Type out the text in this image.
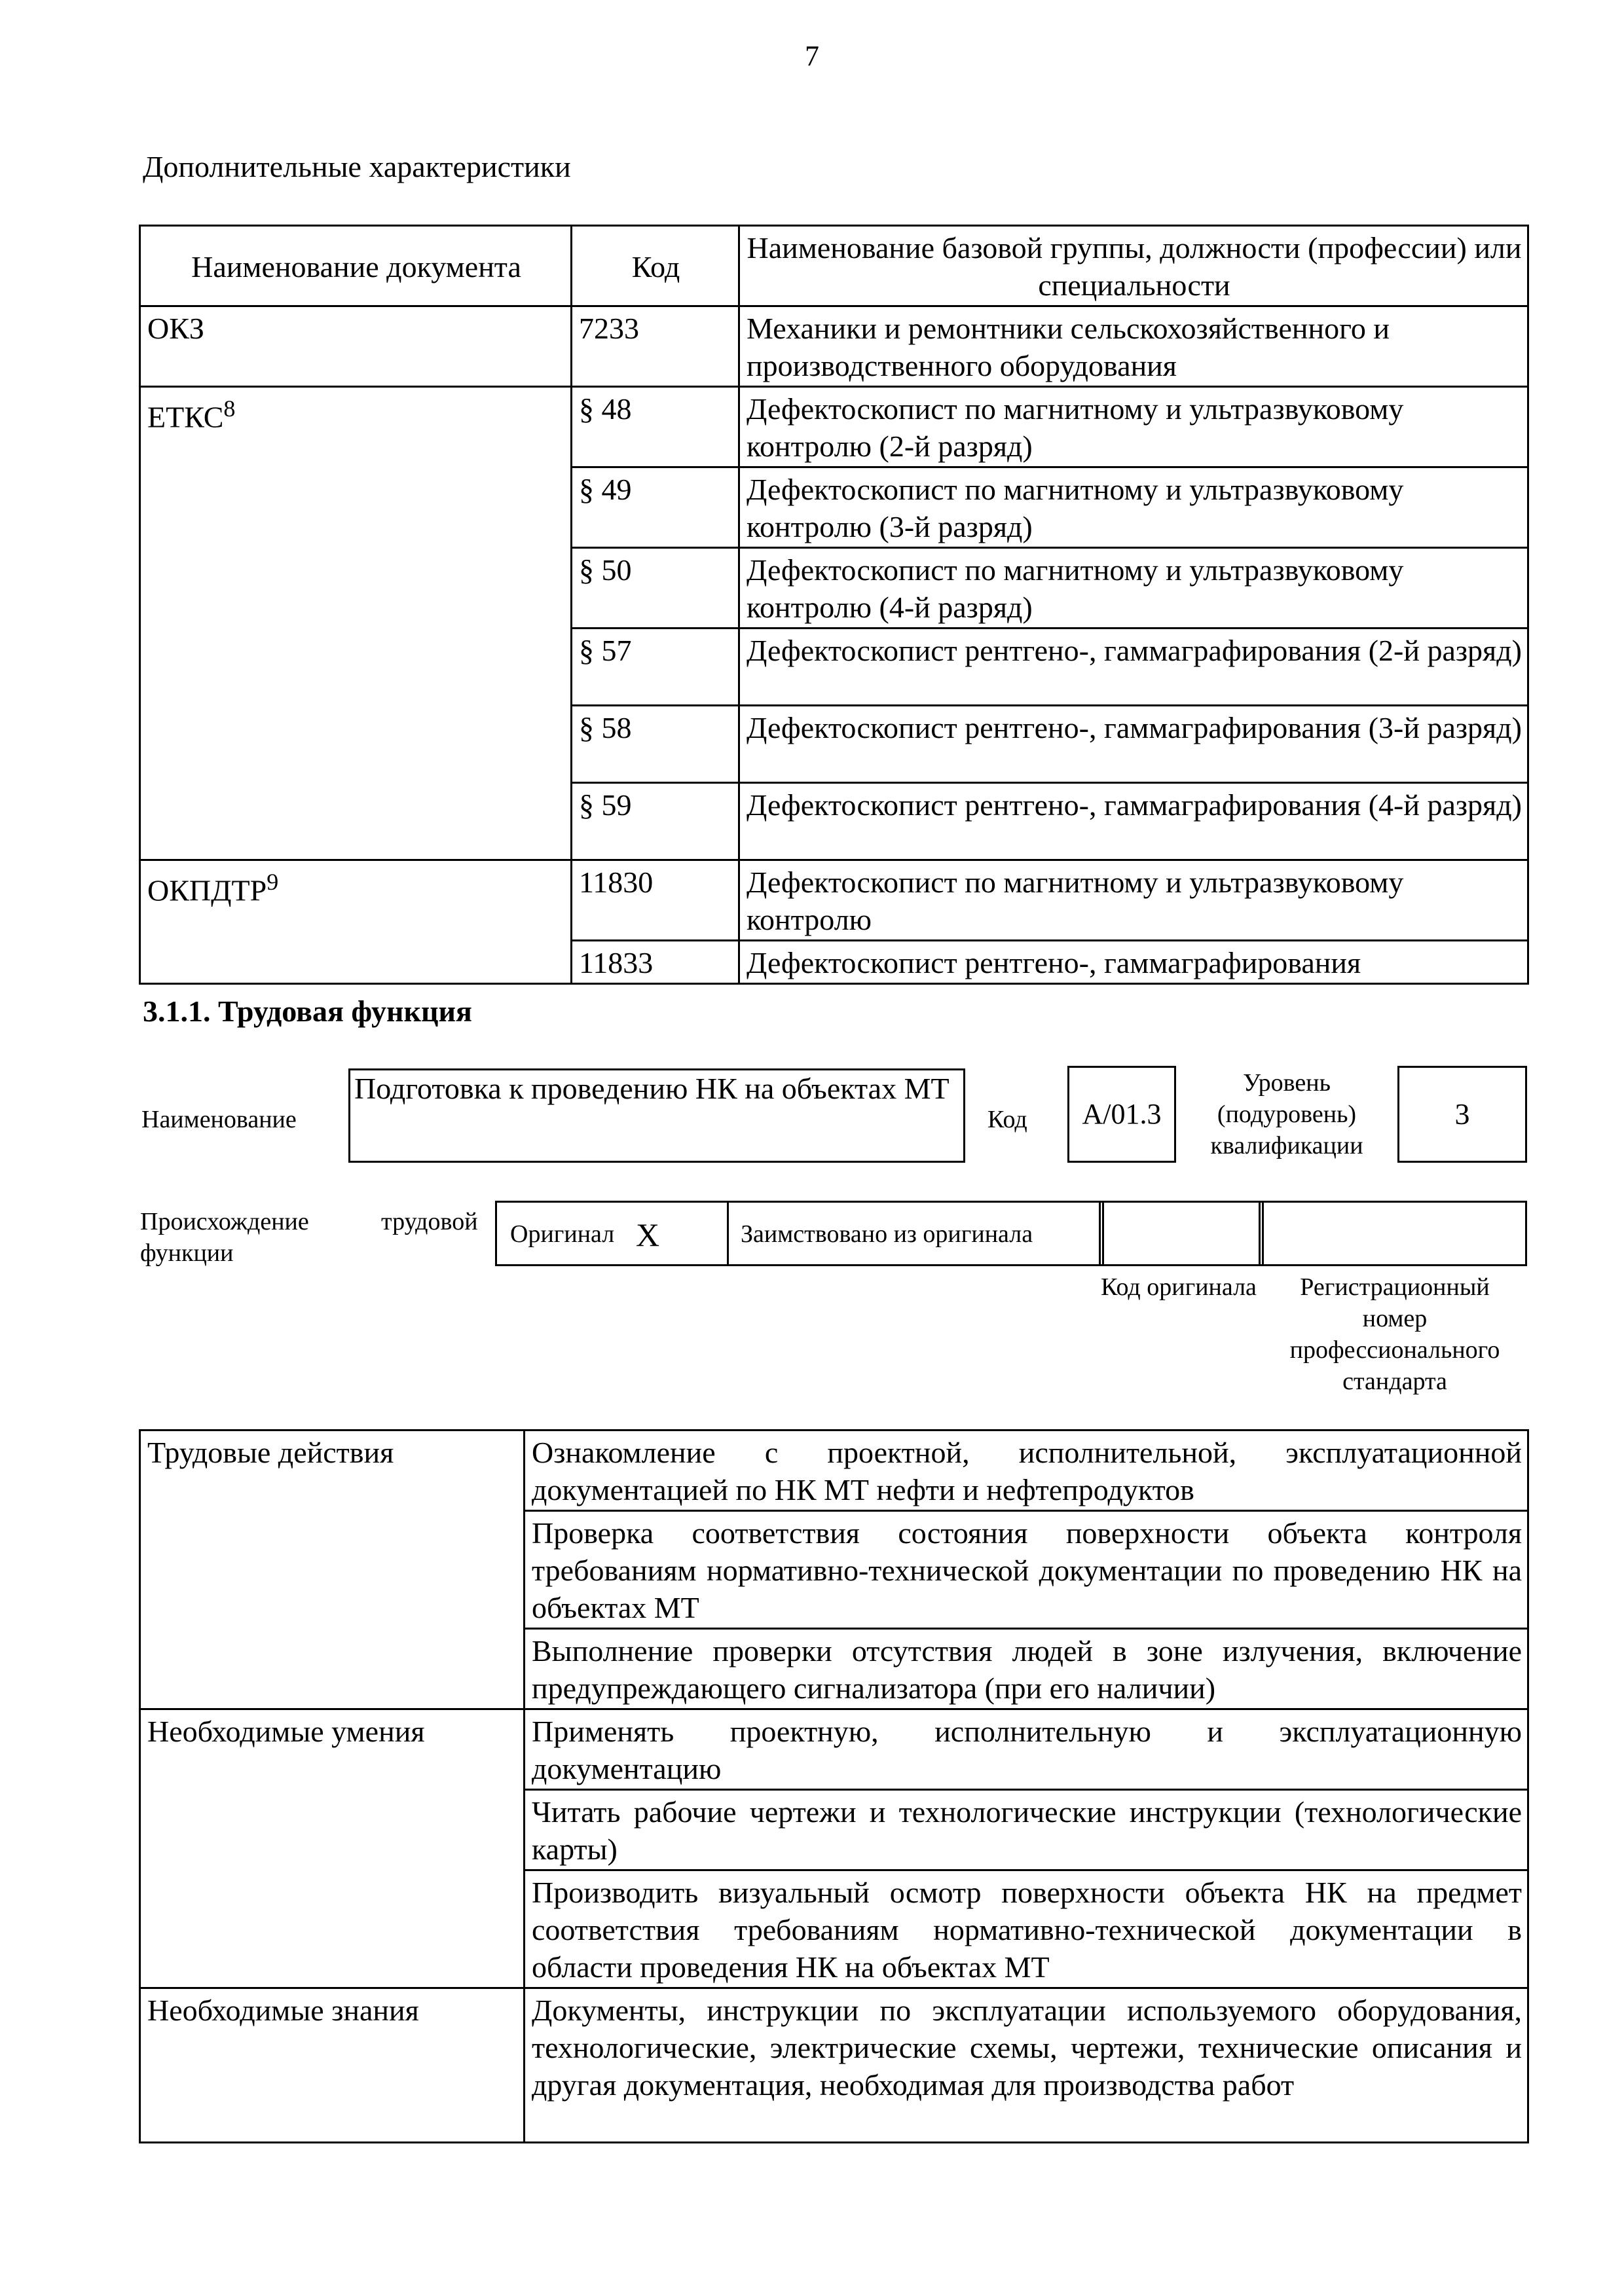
7
Дополнительные характеристики
Наименование документа	Код	Наименование базовой группы, должности (профессии) или специальности
ОКЗ	7233	Механики и ремонтники сельскохозяйственного и производственного оборудования
ЕТКС$^8$	§ 48	Дефектоскопист по магнитному и ультразвуковому контролю (2-й разряд)
	§ 49	Дефектоскопист по магнитному и ультразвуковому контролю (3-й разряд)
	§ 50	Дефектоскопист по магнитному и ультразвуковому контролю (4-й разряд)
	§ 57	Дефектоскопист рентгено-, гаммаграфирования (2-й разряд)
	§ 58	Дефектоскопист рентгено-, гаммаграфирования (3-й разряд)
	§ 59	Дефектоскопист рентгено-, гаммаграфирования (4-й разряд)
ОКПДТР$^9$	11830	Дефектоскопист по магнитному и ультразвуковому контролю
	11833	Дефектоскопист рентгено-, гаммаграфирования
3.1.1. Трудовая функция
Наименование
Подготовка к проведению НК на объектах МТ
Код	А/01.3
Уровень (подуровень) квалификации
3
Происхождение	трудовой
функции
Оригинал X	Заимствовано из оригинала
Код оригинала	Регистрационный номер профессионального стандарта
Трудовые действия	Ознакомление с проектной, исполнительной, эксплуатационной документацией по НК МТ нефти и нефтепродуктов
	Проверка соответствия состояния поверхности объекта контроля требованиям нормативно-технической документации по проведению НК на объектах МТ
	Выполнение проверки отсутствия людей в зоне излучения, включение предупреждающего сигнализатора (при его наличии)
Необходимые умения	Применять проектную, исполнительную и эксплуатационную документацию
	Читать рабочие чертежи и технологические инструкции (технологические карты)
	Производить визуальный осмотр поверхности объекта НК на предмет соответствия требованиям нормативно-технической документации в области проведения НК на объектах МТ
Необходимые знания	Документы, инструкции по эксплуатации используемого оборудования, технологические, электрические схемы, чертежи, технические описания и другая документация, необходимая для производства работ
